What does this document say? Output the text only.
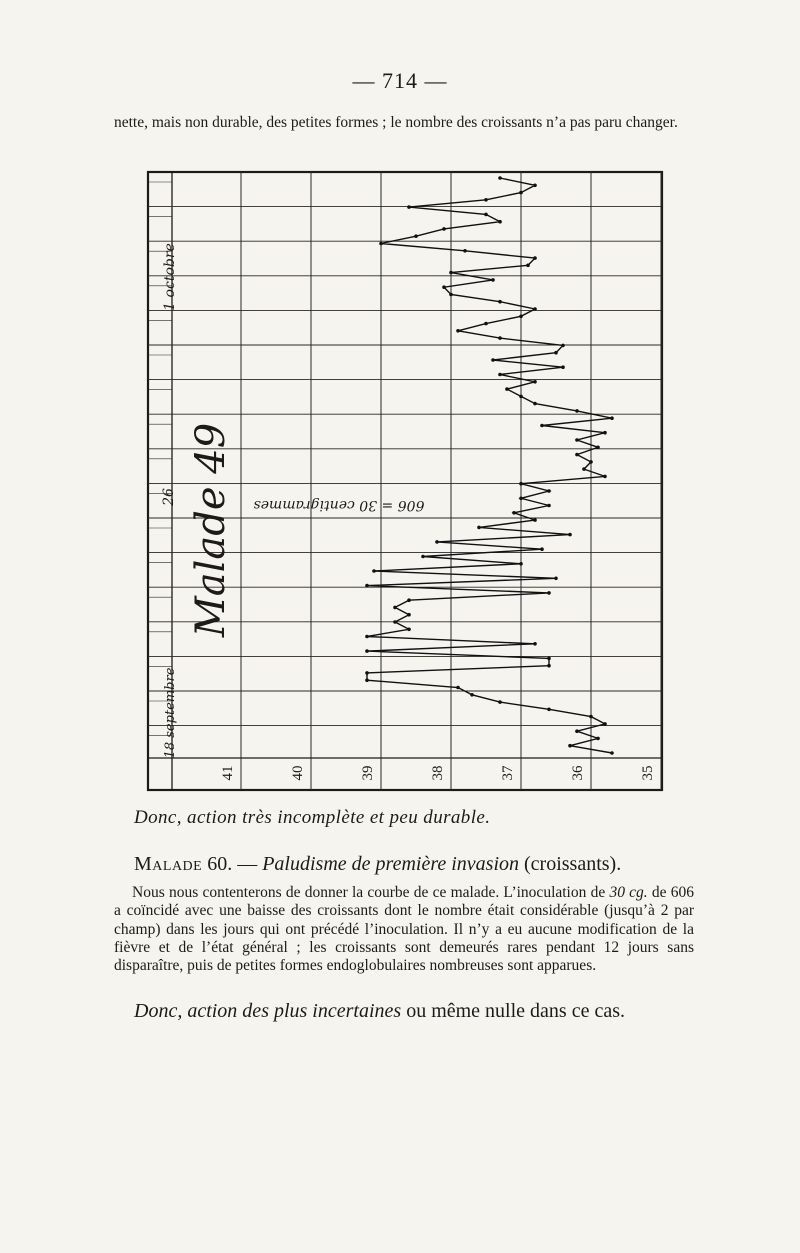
— 714 —
nette, mais non durable, des petites formes ; le nombre des croissants n’a pas paru changer.
1 octobre
26
18 septembre
Malade 49 606 = 30 centigrammes
41	40	39	38	37	36	35
Donc, action très incomplète et peu durable.
Malade 60. — Paludisme de première invasion (croissants).
Nous nous contenterons de donner la courbe de ce malade. L’inoculation de 30 cg. de 606 a coïncidé avec une baisse des croissants dont le nombre était considérable (jusqu’à 2 par champ) dans les jours qui ont précédé l’inoculation. Il n’y a eu aucune modification de la fièvre et de l’état général ; les croissants sont demeurés rares pendant 12 jours sans disparaître, puis de petites formes endoglobulaires nombreuses sont apparues.
Donc, action des plus incertaines ou même nulle dans ce cas.
